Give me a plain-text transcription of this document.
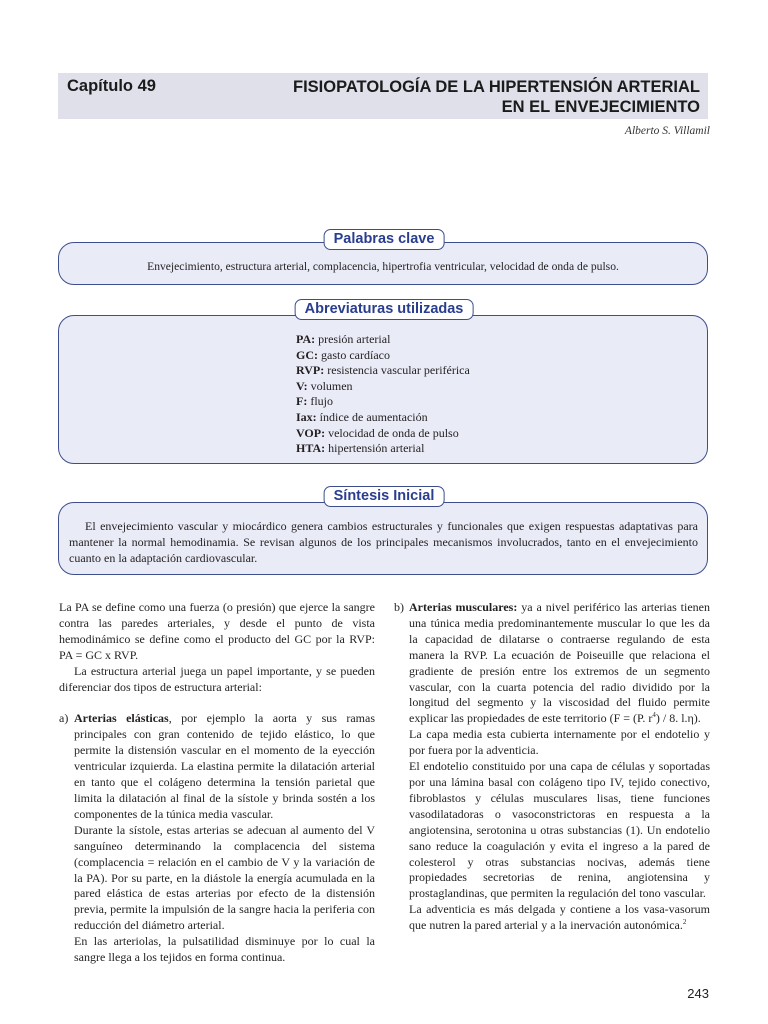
Capítulo 49	FISIOPATOLOGÍA DE LA HIPERTENSIÓN ARTERIAL
EN EL ENVEJECIMIENTO
Alberto S. Villamil
Envejecimiento, estructura arterial, complacencia, hipertrofia ventricular, velocidad de onda de pulso.
Palabras clave
PA: presión arterial
GC: gasto cardíaco
RVP: resistencia vascular periférica
V: volumen
F: flujo
Iax: índice de aumentación
VOP: velocidad de onda de pulso
HTA: hipertensión arterial
Abreviaturas utilizadas
El envejecimiento vascular y miocárdico genera cambios estructurales y funcionales que exigen respuestas adaptativas para mantener la normal hemodinamia. Se revisan algunos de los principales mecanismos involucrados, tanto en el envejecimiento cuanto en la adaptación cardiovascular.
Síntesis Inicial

La PA se define como una fuerza (o presión) que ejerce la sangre contra las paredes arteriales, y desde el punto de vista hemodinámico se define como el producto del GC por la RVP: PA = GC x RVP.

La estructura arterial juega un papel importante, y se pueden diferenciar dos tipos de estructura arterial:

a) Arterias elásticas, por ejemplo la aorta y sus ramas principales con gran contenido de tejido elástico, lo que permite la distensión vascular en el momento de la eyección ventricular izquierda. La elastina permite la dilatación arterial en tanto que el colágeno determina la tensión parietal que limita la dilatación al final de la sístole y brinda sostén a los componentes de la túnica media vascular.

Durante la sístole, estas arterias se adecuan al aumento del V sanguíneo determinando la complacencia del sistema (complacencia = relación en el cambio de V y la variación de la PA). Por su parte, en la diástole la energía acumulada en la pared elástica de estas arterias por efecto de la distensión previa, permite la impulsión de la sangre hacia la periferia con reducción del diámetro arterial.

En las arteriolas, la pulsatilidad disminuye por lo cual la sangre llega a los tejidos en forma continua.

b) Arterias musculares: ya a nivel periférico las arterias tienen una túnica media predominantemente muscular lo que les da la capacidad de dilatarse o contraerse regulando de esta manera la RVP. La ecuación de Poiseuille que relaciona el gradiente de presión entre los extremos de un segmento vascular, con la cuarta potencia del radio dividido por la longitud del segmento y la viscosidad del fluido permite explicar las propiedades de este territorio (F = (P. $r^4) / 8$. l.η).

La capa media esta cubierta internamente por el endotelio y por fuera por la adventicia.

El endotelio constituido por una capa de células y soportadas por una lámina basal con colágeno tipo IV, tejido conectivo, fibroblastos y células musculares lisas, tiene funciones vasodilatadoras o vasoconstrictoras en respuesta a la angiotensina, serotonina u otras substancias (1). Un endotelio sano reduce la coagulación y evita el ingreso a la pared de colesterol y otras substancias nocivas, además tiene propiedades secretorias de renina, angiotensina y prostaglandinas, que permiten la regulación del tono vascular.

La adventicia es más delgada y contiene a los vasa-vasorum que nutren la pared arterial y a la inervación autonómica.$^2$

243
